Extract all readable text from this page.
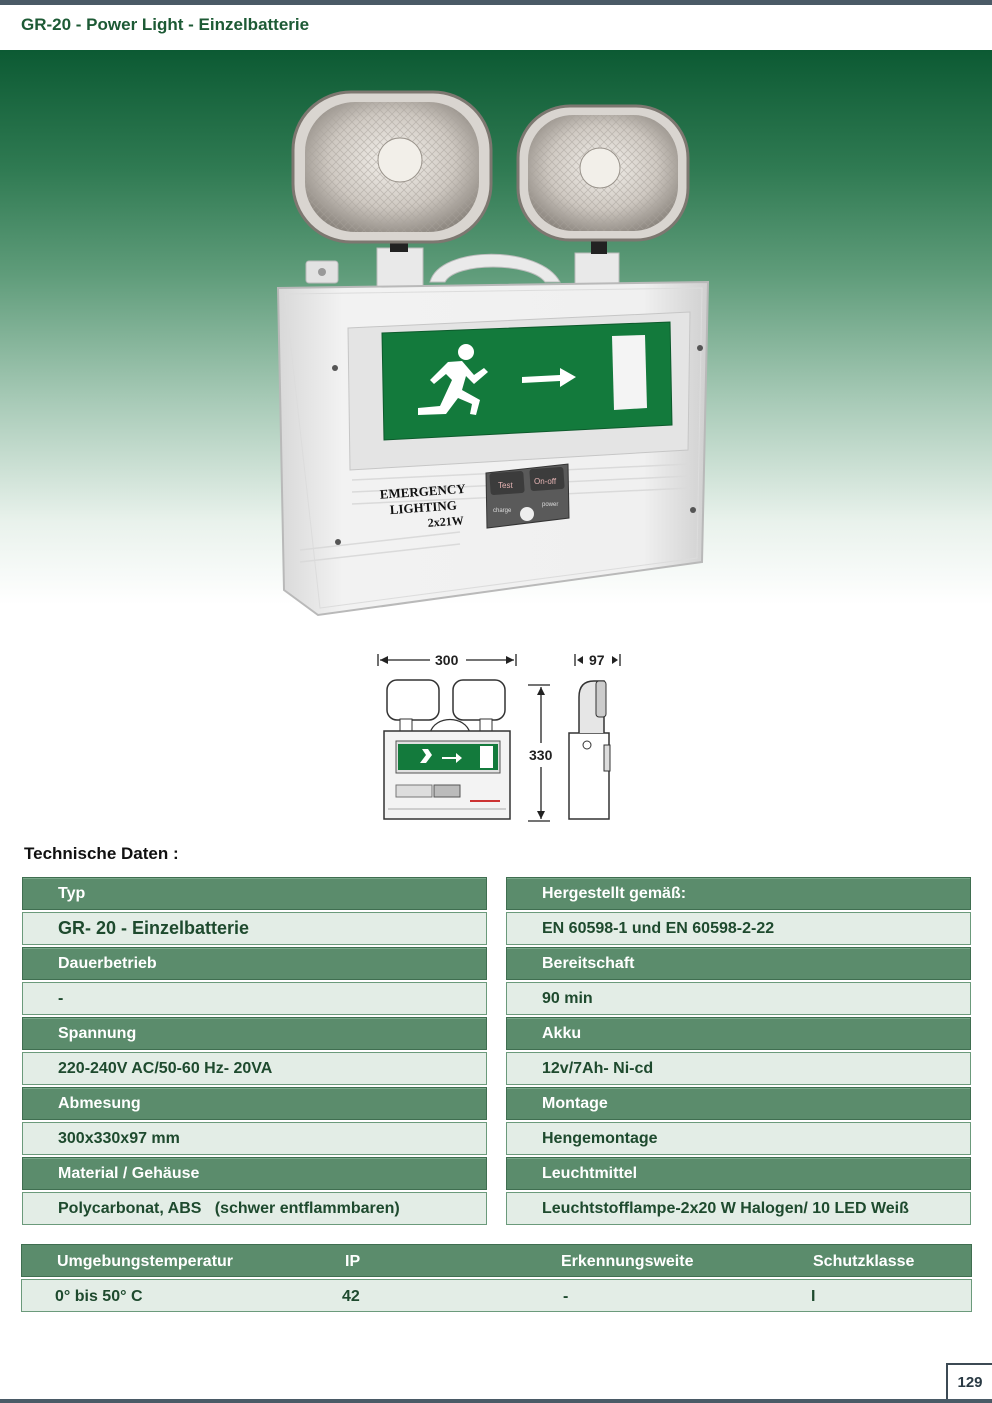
GR-20 - Power Light - Einzelbatterie
EMERGENCY
LIGHTING
2x21W
Test	On-off
charge
power
300	97
330
Technische Daten :
Typ
GR- 20 - Einzelbatterie
Dauerbetrieb
-
Spannung
220-240V AC/50-60 Hz- 20VA
Abmesung
300x330x97 mm
Material / Gehäuse
Polycarbonat, ABS   (schwer entflammbaren)
Hergestellt gemäß:
EN 60598-1 und EN 60598-2-22
Bereitschaft
90 min
Akku
12v/7Ah- Ni-cd
Montage
Hengemontage
Leuchtmittel
Leuchtstofflampe-2x20 W Halogen/ 10 LED Weiß
Umgebungstemperatur	IP	Erkennungsweite	Schutzklasse
0° bis 50° C	42	-	I
129
